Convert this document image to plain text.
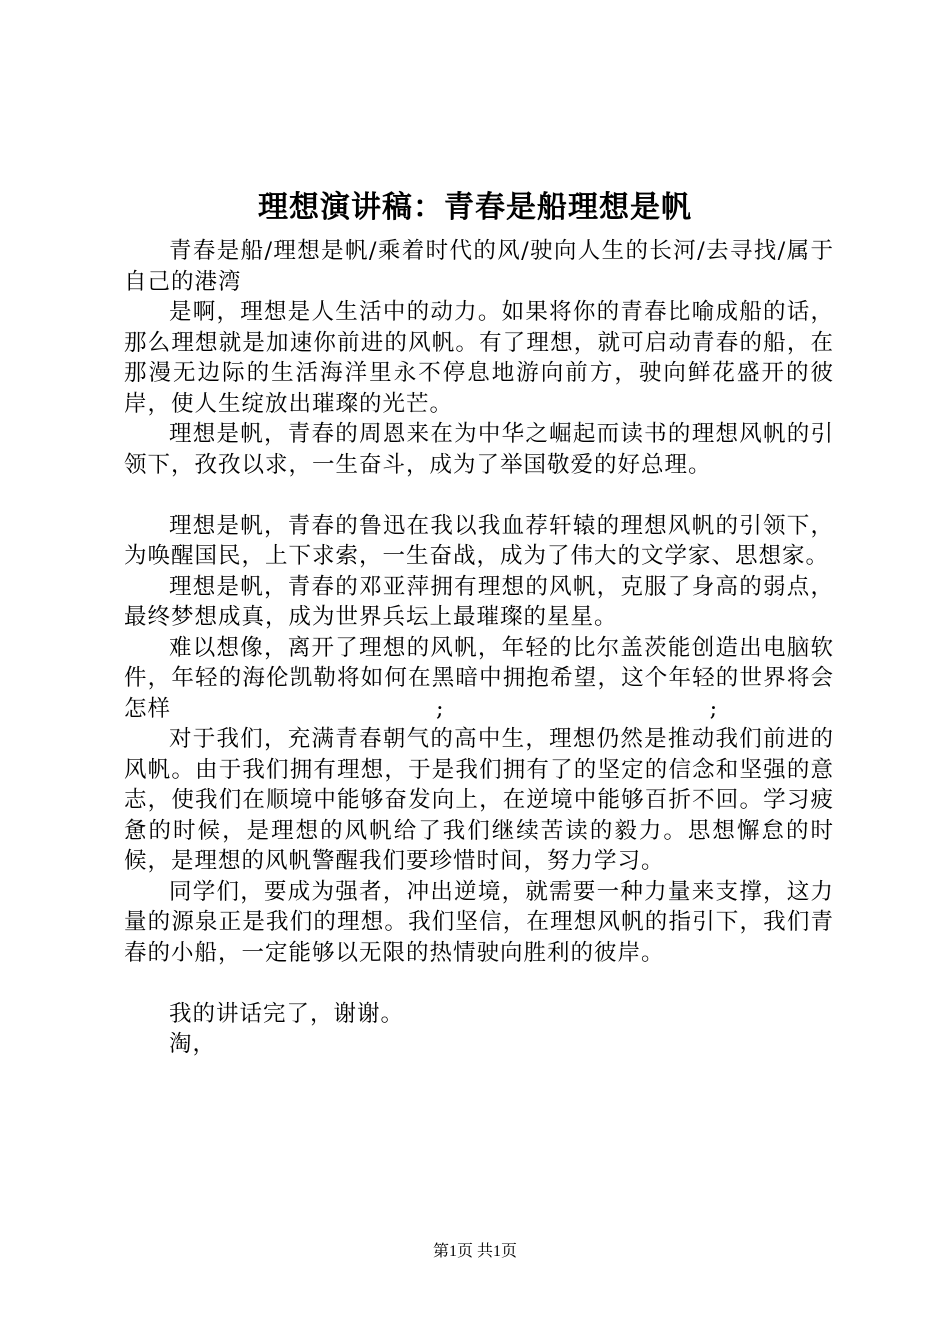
理想演讲稿：青春是船理想是帆

青春是船/理想是帆/乘着时代的风/驶向人生的长河/去寻找/属于自己的港湾

是啊，理想是人生活中的动力。如果将你的青春比喻成船的话，那么理想就是加速你前进的风帆。有了理想，就可启动青春的船，在那漫无边际的生活海洋里永不停息地游向前方，驶向鲜花盛开的彼岸，使人生绽放出璀璨的光芒。

理想是帆，青春的周恩来在为中华之崛起而读书的理想风帆的引领下，孜孜以求，一生奋斗，成为了举国敬爱的好总理。

理想是帆，青春的鲁迅在我以我血荐轩辕的理想风帆的引领下，为唤醒国民，上下求索，一生奋战，成为了伟大的文学家、思想家。

理想是帆，青春的邓亚萍拥有理想的风帆，克服了身高的弱点，最终梦想成真，成为世界兵坛上最璀璨的星星。

难以想像，离开了理想的风帆，年轻的比尔盖茨能创造出电脑软件，年轻的海伦凯勒将如何在黑暗中拥抱希望，这个年轻的世界将会怎样	;	;

对于我们，充满青春朝气的高中生，理想仍然是推动我们前进的风帆。由于我们拥有理想，于是我们拥有了的坚定的信念和坚强的意志，使我们在顺境中能够奋发向上，在逆境中能够百折不回。学习疲惫的时候，是理想的风帆给了我们继续苦读的毅力。思想懈怠的时候，是理想的风帆警醒我们要珍惜时间，努力学习。

同学们，要成为强者，冲出逆境，就需要一种力量来支撑，这力量的源泉正是我们的理想。我们坚信，在理想风帆的指引下，我们青春的小船，一定能够以无限的热情驶向胜利的彼岸。

我的讲话完了，谢谢。

淘，

第1页 共1页
